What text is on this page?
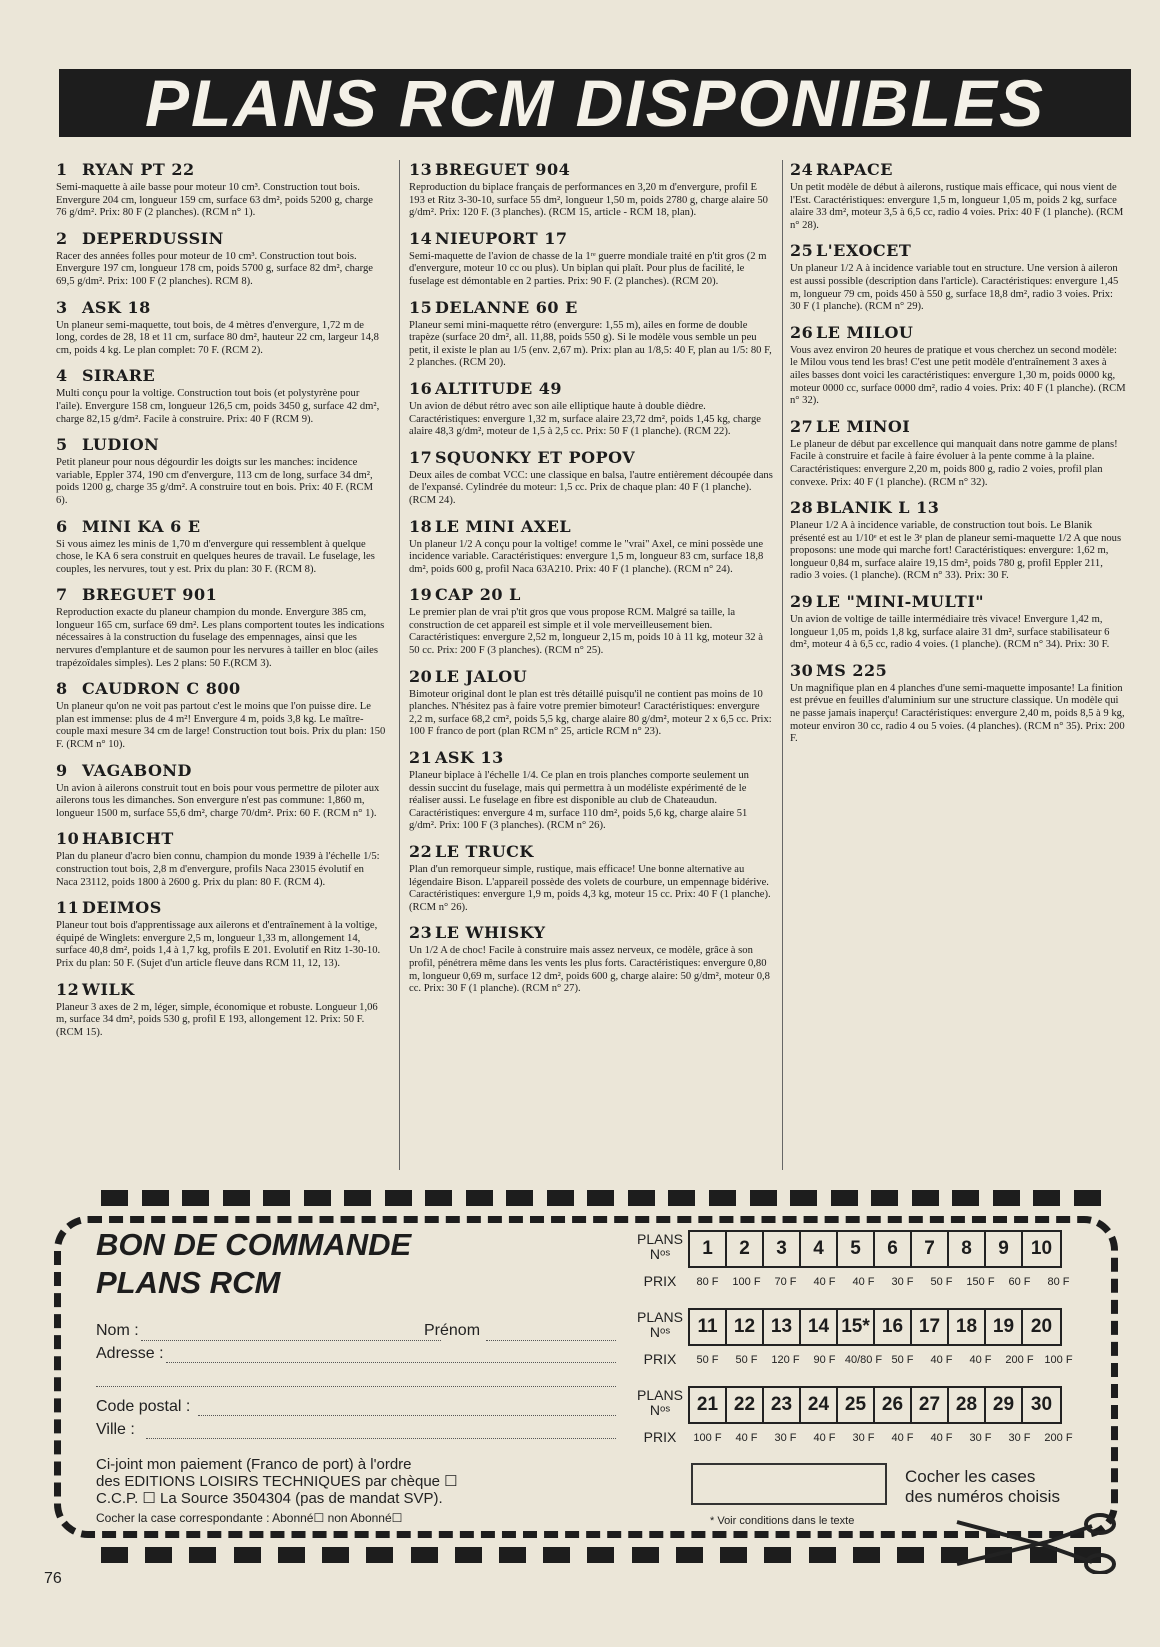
PLANS RCM DISPONIBLES
1 RYAN PT 22
Semi-maquette à aile basse pour moteur 10 cm³. Construction tout bois. Envergure 204 cm, longueur 159 cm, surface 63 dm², poids 5200 g, charge 76 g/dm². Prix: 80 F (2 planches). (RCM n° 1).
2 DEPERDUSSIN
Racer des années folles pour moteur de 10 cm³. Construction tout bois. Envergure 197 cm, longueur 178 cm, poids 5700 g, surface 82 dm², charge 69,5 g/dm². Prix: 100 F (2 planches). RCM 8).
3 ASK 18
Un planeur semi-maquette, tout bois, de 4 mètres d'envergure, 1,72 m de long, cordes de 28, 18 et 11 cm, surface 80 dm², hauteur 22 cm, largeur 14,8 cm, poids 4 kg. Le plan complet: 70 F. (RCM 2).
4 SIRARE
Multi conçu pour la voltige. Construction tout bois (et polystyrène pour l'aile). Envergure 158 cm, longueur 126,5 cm, poids 3450 g, surface 42 dm², charge 82,15 g/dm². Facile à construire. Prix: 40 F (RCM 9).
5 LUDION
Petit planeur pour nous dégourdir les doigts sur les manches: incidence variable, Eppler 374, 190 cm d'envergure, 113 cm de long, surface 34 dm², poids 1200 g, charge 35 g/dm². A construire tout en bois. Prix: 40 F. (RCM 6).
6 MINI KA 6 E
Si vous aimez les minis de 1,70 m d'envergure qui ressemblent à quelque chose, le KA 6 sera construit en quelques heures de travail. Le fuselage, les couples, les nervures, tout y est. Prix du plan: 30 F. (RCM 8).
7 BREGUET 901
Reproduction exacte du planeur champion du monde. Envergure 385 cm, longueur 165 cm, surface 69 dm². Les plans comportent toutes les indications nécessaires à la construction du fuselage des empennages, ainsi que les nervures d'emplanture et de saumon pour les nervures à tailler en bloc (ailes trapézoïdales simples). Les 2 plans: 50 F.(RCM 3).
8 CAUDRON C 800
Un planeur qu'on ne voit pas partout c'est le moins que l'on puisse dire. Le plan est immense: plus de 4 m²! Envergure 4 m, poids 3,8 kg. Le maître-couple maxi mesure 34 cm de large! Construction tout bois. Prix du plan: 150 F. (RCM n° 10).
9 VAGABOND
Un avion à ailerons construit tout en bois pour vous permettre de piloter aux ailerons tous les dimanches. Son envergure n'est pas commune: 1,860 m, longueur 1500 m, surface 55,6 dm², charge 70/dm². Prix: 60 F. (RCM n° 1).
10 HABICHT
Plan du planeur d'acro bien connu, champion du monde 1939 à l'échelle 1/5: construction tout bois, 2,8 m d'envergure, profils Naca 23015 évolutif en Naca 23112, poids 1800 à 2600 g. Prix du plan: 80 F. (RCM 4).
11 DEIMOS
Planeur tout bois d'apprentissage aux ailerons et d'entraînement à la voltige, équipé de Winglets: envergure 2,5 m, longueur 1,33 m, allongement 14, surface 40,8 dm², poids 1,4 à 1,7 kg, profils E 201. Evolutif en Ritz 1-30-10. Prix du plan: 50 F. (Sujet d'un article fleuve dans RCM 11, 12, 13).
12 WILK
Planeur 3 axes de 2 m, léger, simple, économique et robuste. Longueur 1,06 m, surface 34 dm², poids 530 g, profil E 193, allongement 12. Prix: 50 F. (RCM 15).
13 BREGUET 904
Reproduction du biplace français de performances en 3,20 m d'envergure, profil E 193 et Ritz 3-30-10, surface 55 dm², longueur 1,50 m, poids 2780 g, charge alaire 50 g/dm². Prix: 120 F. (3 planches). (RCM 15, article - RCM 18, plan).
14 NIEUPORT 17
Semi-maquette de l'avion de chasse de la 1ʳᵉ guerre mondiale traité en p'tit gros (2 m d'envergure, moteur 10 cc ou plus). Un biplan qui plaît. Pour plus de facilité, le fuselage est démontable en 2 parties. Prix: 90 F. (2 planches). (RCM 20).
15 DELANNE 60 E
Planeur semi mini-maquette rétro (envergure: 1,55 m), ailes en forme de double trapèze (surface 20 dm², all. 11,88, poids 550 g). Si le modèle vous semble un peu petit, il existe le plan au 1/5 (env. 2,67 m). Prix: plan au 1/8,5: 40 F, plan au 1/5: 80 F, 2 planches. (RCM 20).
16 ALTITUDE 49
Un avion de début rétro avec son aile elliptique haute à double dièdre. Caractéristiques: envergure 1,32 m, surface alaire 23,72 dm², poids 1,45 kg, charge alaire 48,3 g/dm², moteur de 1,5 à 2,5 cc. Prix: 50 F (1 planche). (RCM 22).
17 SQUONKY ET POPOV
Deux ailes de combat VCC: une classique en balsa, l'autre entièrement découpée dans de l'expansé. Cylindrée du moteur: 1,5 cc. Prix de chaque plan: 40 F (1 planche). (RCM 24).
18 LE MINI AXEL
Un planeur 1/2 A conçu pour la voltige! comme le "vrai" Axel, ce mini possède une incidence variable. Caractéristiques: envergure 1,5 m, longueur 83 cm, surface 18,8 dm², poids 600 g, profil Naca 63A210. Prix: 40 F (1 planche). (RCM n° 24).
19 CAP 20 L
Le premier plan de vrai p'tit gros que vous propose RCM. Malgré sa taille, la construction de cet appareil est simple et il vole merveilleusement bien. Caractéristiques: envergure 2,52 m, longueur 2,15 m, poids 10 à 11 kg, moteur 32 à 50 cc. Prix: 200 F (3 planches). (RCM n° 25).
20 LE JALOU
Bimoteur original dont le plan est très détaillé puisqu'il ne contient pas moins de 10 planches. N'hésitez pas à faire votre premier bimoteur! Caractéristiques: envergure 2,2 m, surface 68,2 cm², poids 5,5 kg, charge alaire 80 g/dm², moteur 2 x 6,5 cc. Prix: 100 F franco de port (plan RCM n° 25, article RCM n° 23).
21 ASK 13
Planeur biplace à l'échelle 1/4. Ce plan en trois planches comporte seulement un dessin succint du fuselage, mais qui permettra à un modéliste expérimenté de le réaliser aussi. Le fuselage en fibre est disponible au club de Chateaudun. Caractéristiques: envergure 4 m, surface 110 dm², poids 5,6 kg, charge alaire 51 g/dm². Prix: 100 F (3 planches). (RCM n° 26).
22 LE TRUCK
Plan d'un remorqueur simple, rustique, mais efficace! Une bonne alternative au légendaire Bison. L'appareil possède des volets de courbure, un empennage bidérive. Caractéristiques: envergure 1,9 m, poids 4,3 kg, moteur 15 cc. Prix: 40 F (1 planche). (RCM n° 26).
23 LE WHISKY
Un 1/2 A de choc! Facile à construire mais assez nerveux, ce modèle, grâce à son profil, pénétrera même dans les vents les plus forts. Caractéristiques: envergure 0,80 m, longueur 0,69 m, surface 12 dm², poids 600 g, charge alaire: 50 g/dm², moteur 0,8 cc. Prix: 30 F (1 planche). (RCM n° 27).
24 RAPACE
Un petit modèle de début à ailerons, rustique mais efficace, qui nous vient de l'Est. Caractéristiques: envergure 1,5 m, longueur 1,05 m, poids 2 kg, surface alaire 33 dm², moteur 3,5 à 6,5 cc, radio 4 voies. Prix: 40 F (1 planche). (RCM n° 28).
25 L'EXOCET
Un planeur 1/2 A à incidence variable tout en structure. Une version à aileron est aussi possible (description dans l'article). Caractéristiques: envergure 1,45 m, longueur 79 cm, poids 450 à 550 g, surface 18,8 dm², radio 3 voies. Prix: 30 F (1 planche). (RCM n° 29).
26 LE MILOU
Vous avez environ 20 heures de pratique et vous cherchez un second modèle: le Milou vous tend les bras! C'est une petit modèle d'entraînement 3 axes à ailes basses dont voici les caractéristiques: envergure 1,30 m, poids 0000 kg, moteur 0000 cc, surface 0000 dm², radio 4 voies. Prix: 40 F (1 planche). (RCM n° 32).
27 LE MINOI
Le planeur de début par excellence qui manquait dans notre gamme de plans! Facile à construire et facile à faire évoluer à la pente comme à la plaine. Caractéristiques: envergure 2,20 m, poids 800 g, radio 2 voies, profil plan convexe. Prix: 40 F (1 planche). (RCM n° 32).
28 BLANIK L 13
Planeur 1/2 A à incidence variable, de construction tout bois. Le Blanik présenté est au 1/10ᵉ et est le 3ᵉ plan de planeur semi-maquette 1/2 A que nous proposons: une mode qui marche fort! Caractéristiques: envergure: 1,62 m, longueur 0,84 m, surface alaire 19,15 dm², poids 780 g, profil Eppler 211, radio 3 voies. (1 planche). (RCM n° 33). Prix: 30 F.
29 LE "MINI-MULTI"
Un avion de voltige de taille intermédiaire très vivace! Envergure 1,42 m, longueur 1,05 m, poids 1,8 kg, surface alaire 31 dm², surface stabilisateur 6 dm², moteur 4 à 6,5 cc, radio 4 voies. (1 planche). (RCM n° 34). Prix: 30 F.
30 MS 225
Un magnifique plan en 4 planches d'une semi-maquette imposante! La finition est prévue en feuilles d'aluminium sur une structure classique. Un modèle qui ne passe jamais inaperçu! Caractéristiques: envergure 2,40 m, poids 8,5 à 9 kg, moteur environ 30 cc, radio 4 ou 5 voies. (4 planches). (RCM n° 35). Prix: 200 F.
BON DE COMMANDE
PLANS RCM
Nom :	Prénom
Adresse :
Code postal :
Ville :
Ci-joint mon paiement (Franco de port) à l'ordre
des EDITIONS LOISIRS TECHNIQUES par chèque ☐
C.C.P. ☐ La Source 3504304 (pas de mandat SVP).
Cocher la case correspondante : Abonné☐ non Abonné☐
PLANS
Nᵒˢ	1	2	3	4	5	6	7	8	9	10
PRIX	80 F	100 F	70 F	40 F	40 F	30 F	50 F	150 F	60 F	80 F
PLANS
Nᵒˢ	11 12 13 14 15* 16 17 18 19 20
PRIX	50 F	50 F	120 F	90 F 40/80 F 50 F	40 F	40 F	200 F 100 F
PLANS
Nᵒˢ	21 22 23 24 25 26 27 28 29 30
PRIX	100 F	40 F	30 F	40 F	30 F	40 F	40 F	30 F	30 F	200 F
Cocher les cases
des numéros choisis
* Voir conditions dans le texte
76
